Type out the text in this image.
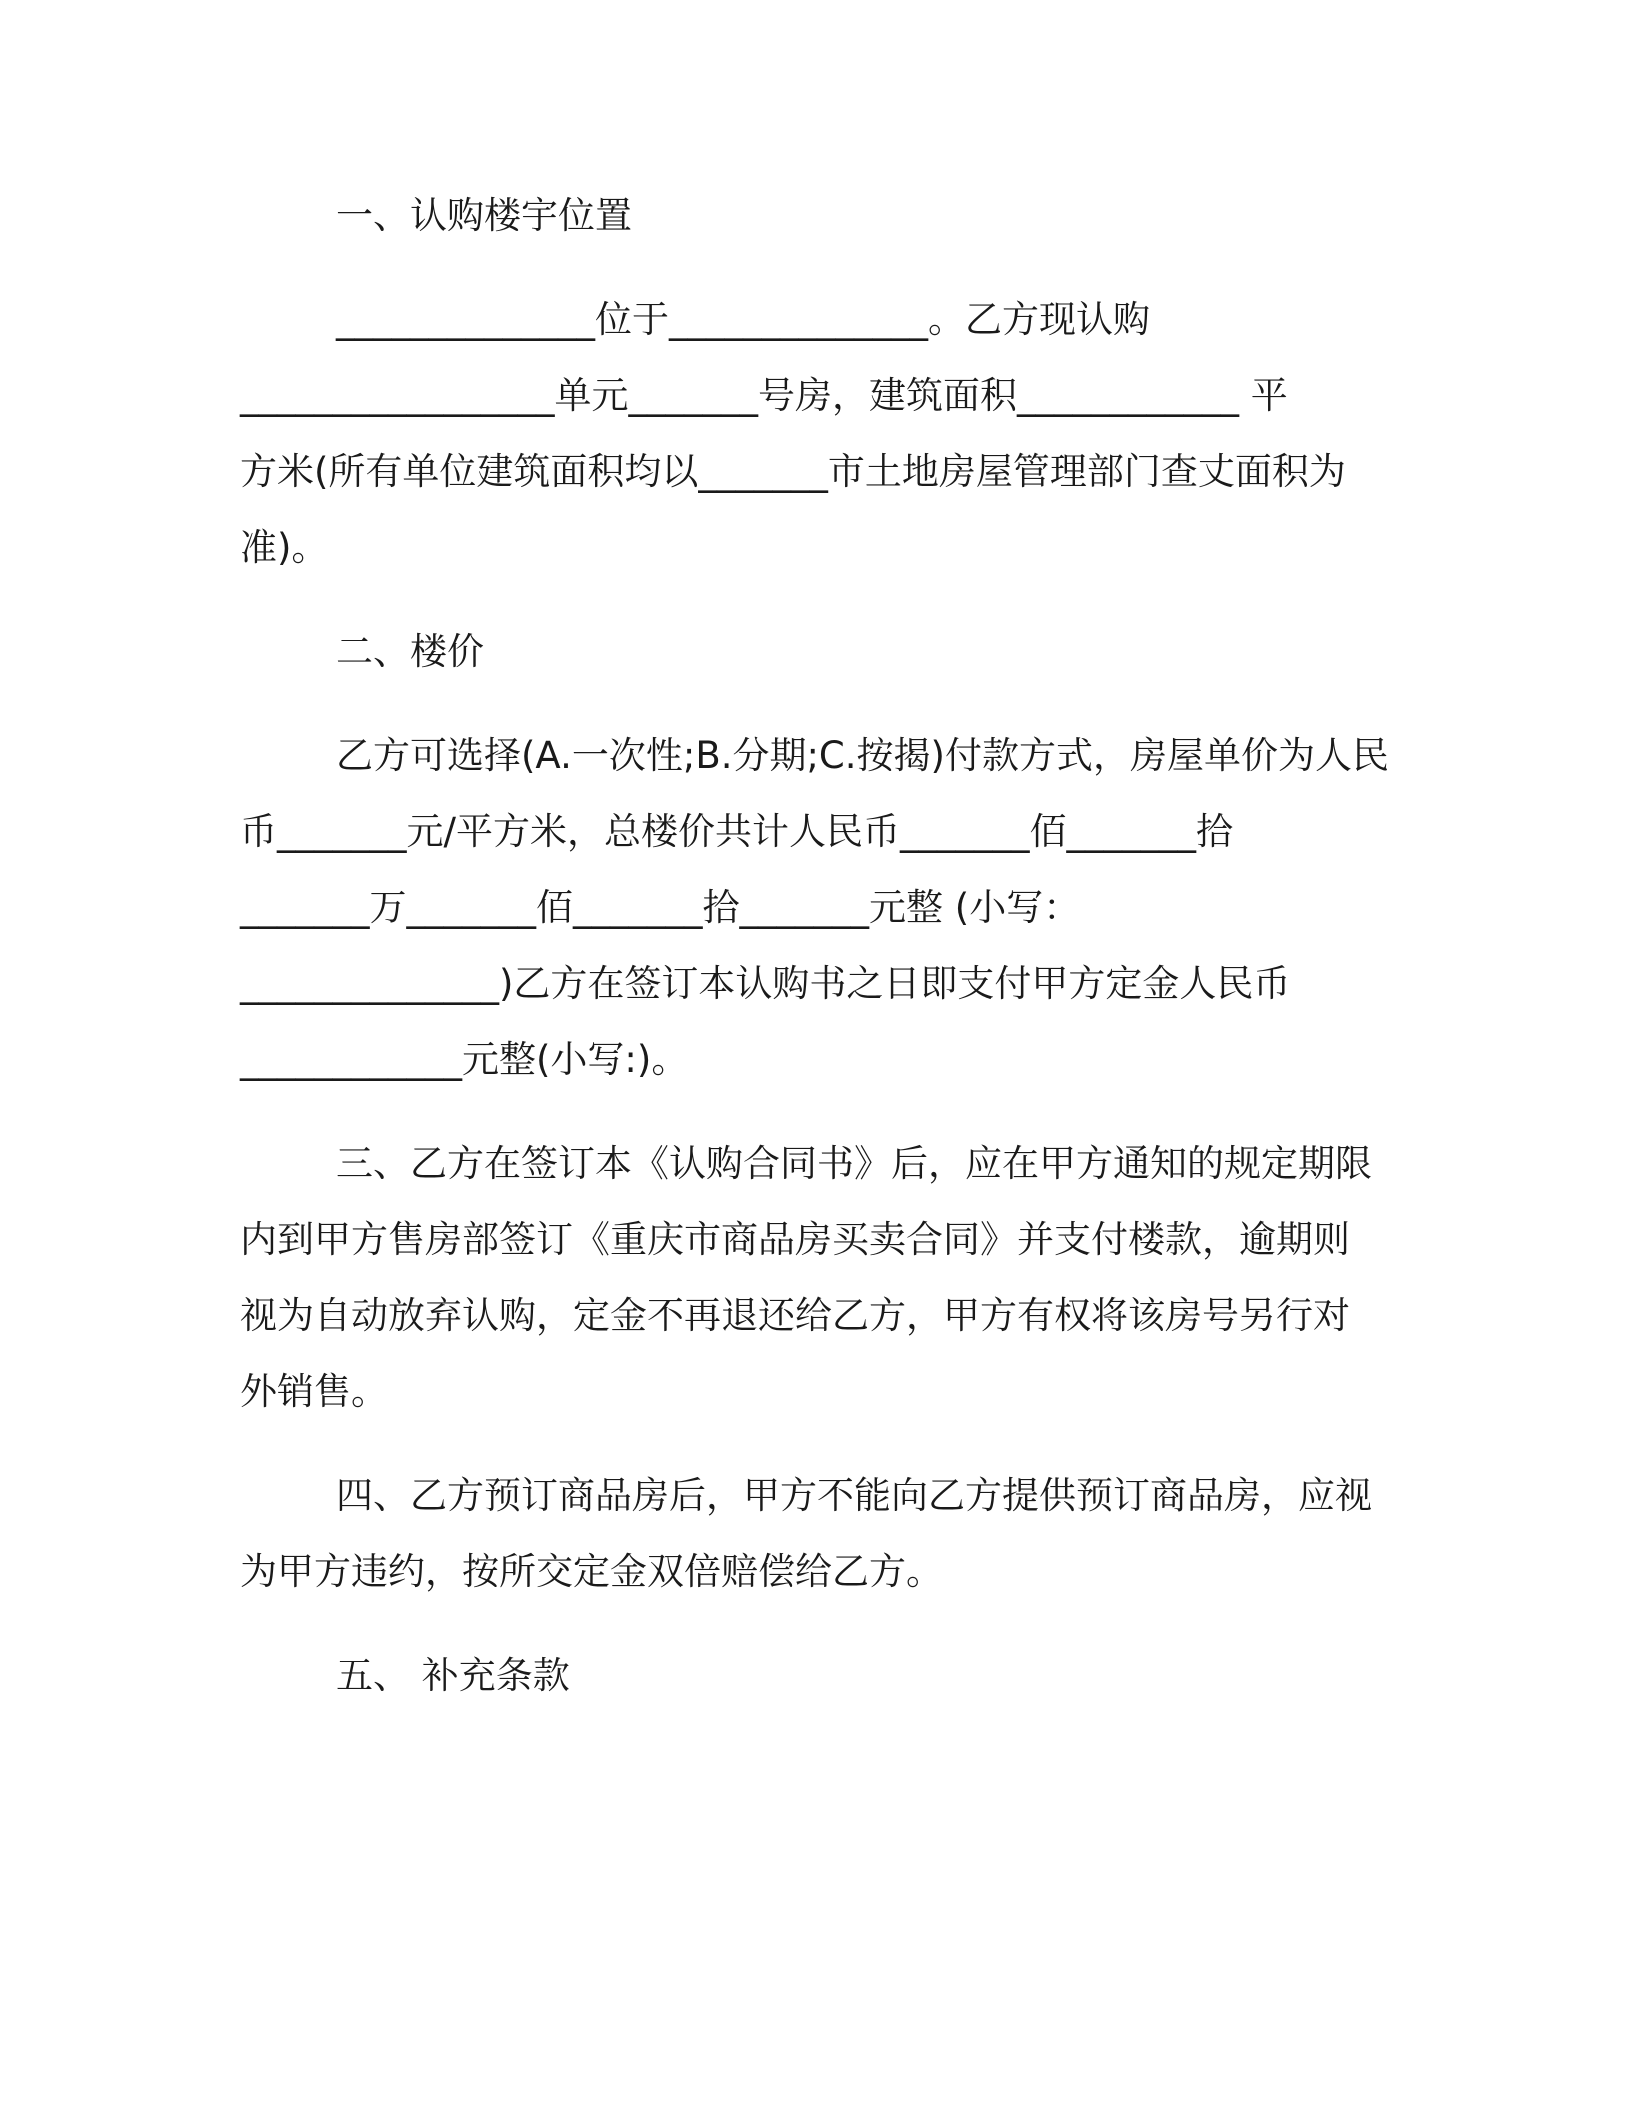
一、认购楼宇位置
______________位于______________。乙方现认购
_________________单元_______号房，建筑面积____________ 平
方米(所有单位建筑面积均以_______市土地房屋管理部门查丈面积为
准)。
二、楼价
乙方可选择(A.一次性;B.分期;C.按揭)付款方式，房屋单价为人民
币_______元/平方米，总楼价共计人民币_______佰_______拾
_______万_______佰_______拾_______元整 (小写：
______________)乙方在签订本认购书之日即支付甲方定金人民币
____________元整(小写:)。
三、乙方在签订本《认购合同书》后，应在甲方通知的规定期限
内到甲方售房部签订《重庆市商品房买卖合同》并支付楼款，逾期则
视为自动放弃认购，定金不再退还给乙方，甲方有权将该房号另行对
外销售。
四、乙方预订商品房后，甲方不能向乙方提供预订商品房，应视
为甲方违约，按所交定金双倍赔偿给乙方。
五、 补充条款
